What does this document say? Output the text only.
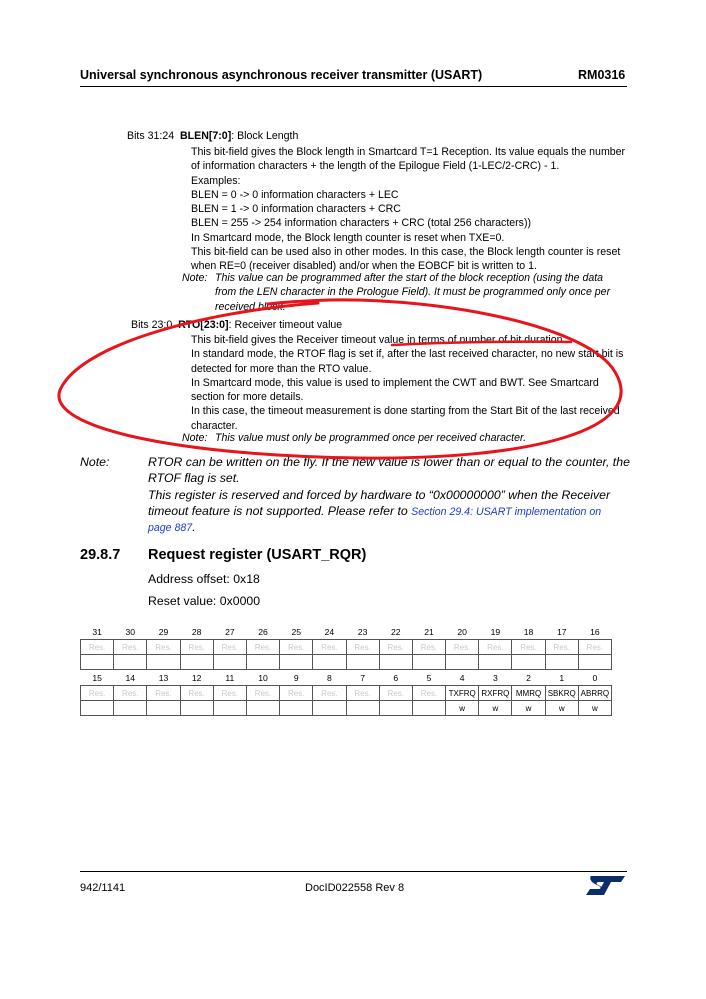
Universal synchronous asynchronous receiver transmitter (USART)	RM0316
Bits 31:24 BLEN[7:0]: Block Length
This bit-field gives the Block length in Smartcard T=1 Reception. Its value equals the number
of information characters + the length of the Epilogue Field (1-LEC/2-CRC) - 1.
Examples:
BLEN = 0 -> 0 information characters + LEC
BLEN = 1 -> 0 information characters + CRC
BLEN = 255 -> 254 information characters + CRC (total 256 characters))
In Smartcard mode, the Block length counter is reset when TXE=0.
This bit-field can be used also in other modes. In this case, the Block length counter is reset
when RE=0 (receiver disabled) and/or when the EOBCF bit is written to 1.
Note: This value can be programmed after the start of the block reception (using the data
from the LEN character in the Prologue Field). It must be programmed only once per
received block.
Bits 23:0 RTO[23:0]: Receiver timeout value
This bit-field gives the Receiver timeout value in terms of number of bit duration.
In standard mode, the RTOF flag is set if, after the last received character, no new start bit is
detected for more than the RTO value.
In Smartcard mode, this value is used to implement the CWT and BWT. See Smartcard
section for more details.
In this case, the timeout measurement is done starting from the Start Bit of the last received
character.
Note: This value must only be programmed once per received character.
Note:	RTOR can be written on the fly. If the new value is lower than or equal to the counter, the
RTOF flag is set.
This register is reserved and forced by hardware to “0x00000000” when the Receiver
timeout feature is not supported. Please refer to Section 29.4: USART implementation on
page 887.
29.8.7 Request register (USART_RQR)
Address offset: 0x18
Reset value: 0x0000
31	30	29	28	27	26	25	24	23	22	21	20	19	18	17	16
Res.	Res.	Res.	Res.	Res.	Res.	Res.	Res.	Res.	Res.	Res.	Res.	Res.	Res.	Res.	Res.

15	14	13	12	11	10	9	8	7	6	5	4	3	2	1	0
Res.	Res.	Res.	Res.	Res.	Res.	Res.	Res.	Res.	Res.	Res.	TXFRQ	RXFRQ	MMRQ	SBKRQ	ABRRQ
											w	w	w	w	w
942/1141	DocID022558 Rev 8
